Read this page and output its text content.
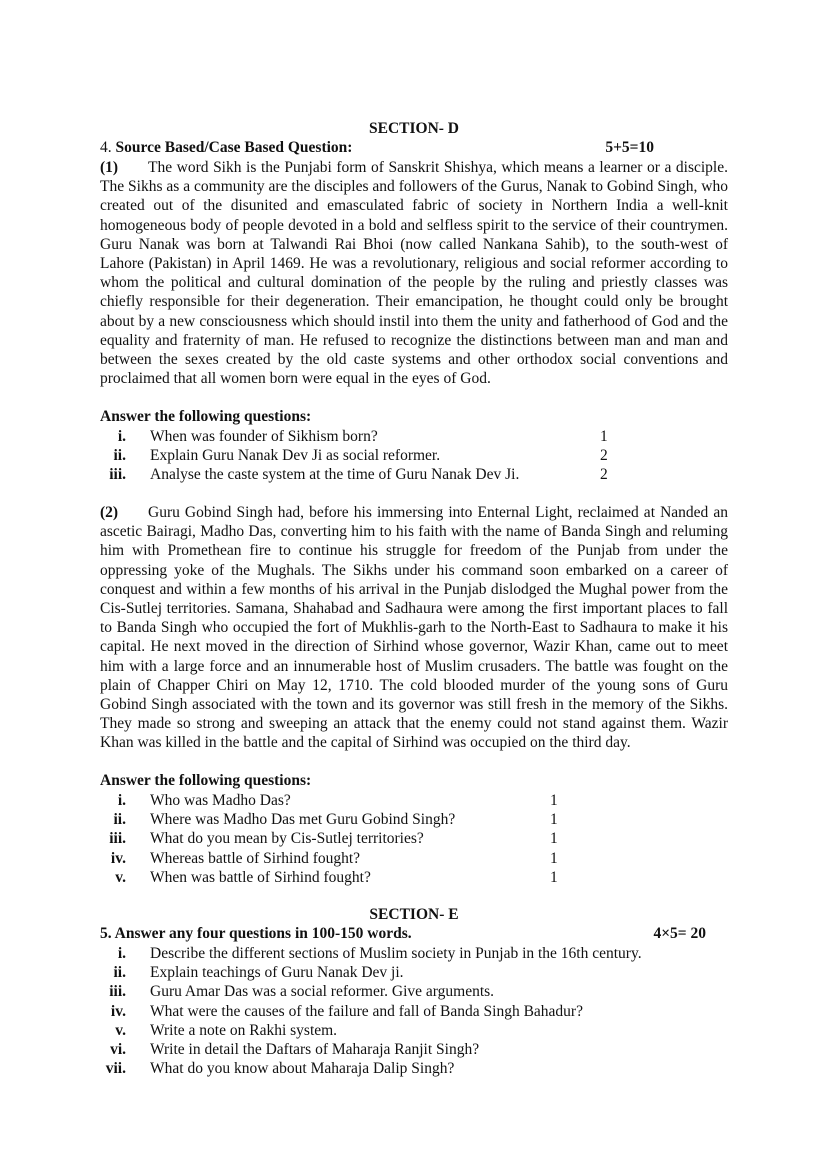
SECTION- D
4. Source Based/Case Based Question:	5+5=10
(1) The word Sikh is the Punjabi form of Sanskrit Shishya, which means a learner or a disciple. The Sikhs as a community are the disciples and followers of the Gurus, Nanak to Gobind Singh, who created out of the disunited and emasculated fabric of society in Northern India a well-knit homogeneous body of people devoted in a bold and selfless spirit to the service of their countrymen. Guru Nanak was born at Talwandi Rai Bhoi (now called Nankana Sahib), to the south-west of Lahore (Pakistan) in April 1469. He was a revolutionary, religious and social reformer according to whom the political and cultural domination of the people by the ruling and priestly classes was chiefly responsible for their degeneration. Their emancipation, he thought could only be brought about by a new consciousness which should instil into them the unity and fatherhood of God and the equality and fraternity of man. He refused to recognize the distinctions between man and man and between the sexes created by the old caste systems and other orthodox social conventions and proclaimed that all women born were equal in the eyes of God.
Answer the following questions:
i. When was founder of Sikhism born?	1
ii. Explain Guru Nanak Dev Ji as social reformer.	2
iii. Analyse the caste system at the time of Guru Nanak Dev Ji.	2
(2) Guru Gobind Singh had, before his immersing into Enternal Light, reclaimed at Nanded an ascetic Bairagi, Madho Das, converting him to his faith with the name of Banda Singh and reluming him with Promethean fire to continue his struggle for freedom of the Punjab from under the oppressing yoke of the Mughals. The Sikhs under his command soon embarked on a career of conquest and within a few months of his arrival in the Punjab dislodged the Mughal power from the Cis-Sutlej territories. Samana, Shahabad and Sadhaura were among the first important places to fall to Banda Singh who occupied the fort of Mukhlis-garh to the North-East to Sadhaura to make it his capital. He next moved in the direction of Sirhind whose governor, Wazir Khan, came out to meet him with a large force and an innumerable host of Muslim crusaders. The battle was fought on the plain of Chapper Chiri on May 12, 1710. The cold blooded murder of the young sons of Guru Gobind Singh associated with the town and its governor was still fresh in the memory of the Sikhs. They made so strong and sweeping an attack that the enemy could not stand against them. Wazir Khan was killed in the battle and the capital of Sirhind was occupied on the third day.
Answer the following questions:
i. Who was Madho Das?	1
ii. Where was Madho Das met Guru Gobind Singh?	1
iii. What do you mean by Cis-Sutlej territories?	1
iv. Whereas battle of Sirhind fought?	1
v. When was battle of Sirhind fought?	1
SECTION- E
5. Answer any four questions in 100-150 words.	4×5= 20
i. Describe the different sections of Muslim society in Punjab in the 16th century.
ii. Explain teachings of Guru Nanak Dev ji.
iii. Guru Amar Das was a social reformer. Give arguments.
iv. What were the causes of the failure and fall of Banda Singh Bahadur?
v. Write a note on Rakhi system.
vi. Write in detail the Daftars of Maharaja Ranjit Singh?
vii. What do you know about Maharaja Dalip Singh?
